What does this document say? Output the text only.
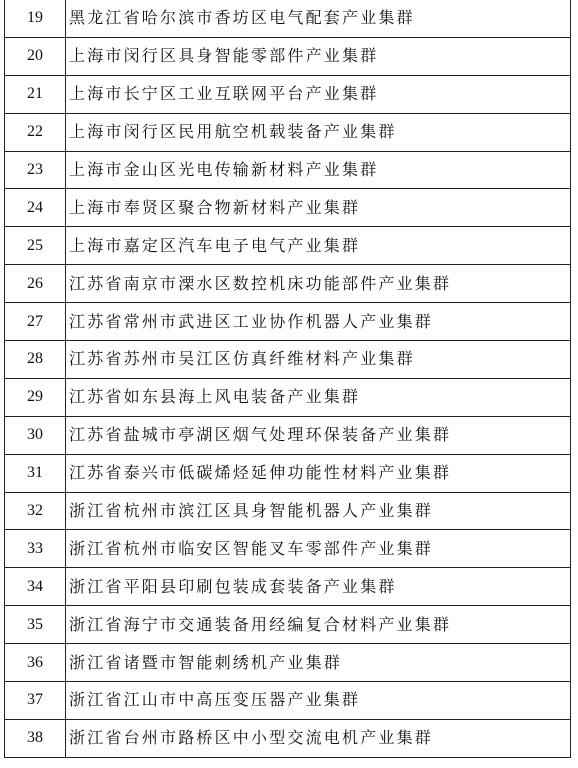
19	黑龙江省哈尔滨市香坊区电气配套产业集群
20	上海市闵行区具身智能零部件产业集群
21	上海市长宁区工业互联网平台产业集群
22	上海市闵行区民用航空机载装备产业集群
23	上海市金山区光电传输新材料产业集群
24	上海市奉贤区聚合物新材料产业集群
25	上海市嘉定区汽车电子电气产业集群
26	江苏省南京市溧水区数控机床功能部件产业集群
27	江苏省常州市武进区工业协作机器人产业集群
28	江苏省苏州市吴江区仿真纤维材料产业集群
29	江苏省如东县海上风电装备产业集群
30	江苏省盐城市亭湖区烟气处理环保装备产业集群
31	江苏省泰兴市低碳烯烃延伸功能性材料产业集群
32	浙江省杭州市滨江区具身智能机器人产业集群
33	浙江省杭州市临安区智能叉车零部件产业集群
34	浙江省平阳县印刷包装成套装备产业集群
35	浙江省海宁市交通装备用经编复合材料产业集群
36	浙江省诸暨市智能刺绣机产业集群
37	浙江省江山市中高压变压器产业集群
38	浙江省台州市路桥区中小型交流电机产业集群
